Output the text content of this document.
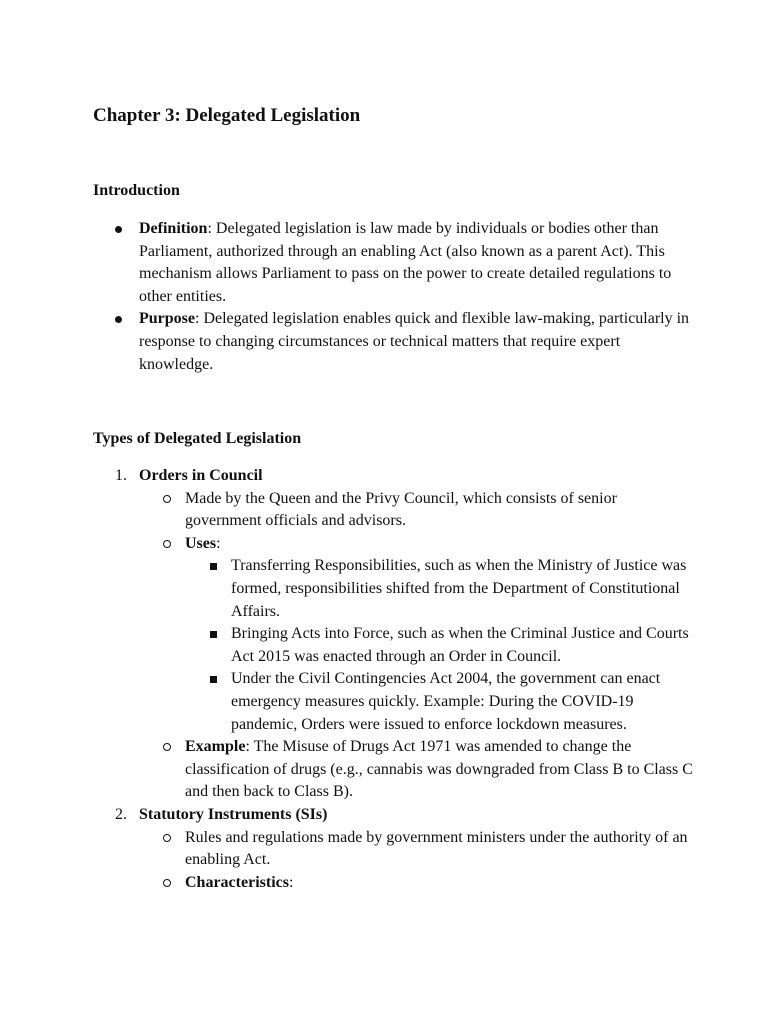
Chapter 3: Delegated Legislation
Introduction
Definition: Delegated legislation is law made by individuals or bodies other than Parliament, authorized through an enabling Act (also known as a parent Act). This mechanism allows Parliament to pass on the power to create detailed regulations to other entities.
Purpose: Delegated legislation enables quick and flexible law-making, particularly in response to changing circumstances or technical matters that require expert knowledge.
Types of Delegated Legislation
1. Orders in Council
Made by the Queen and the Privy Council, which consists of senior government officials and advisors.
Uses:
Transferring Responsibilities, such as when the Ministry of Justice was formed, responsibilities shifted from the Department of Constitutional Affairs.
Bringing Acts into Force, such as when the Criminal Justice and Courts Act 2015 was enacted through an Order in Council.
Under the Civil Contingencies Act 2004, the government can enact emergency measures quickly. Example: During the COVID-19 pandemic, Orders were issued to enforce lockdown measures.
Example: The Misuse of Drugs Act 1971 was amended to change the classification of drugs (e.g., cannabis was downgraded from Class B to Class C and then back to Class B).
2. Statutory Instruments (SIs)
Rules and regulations made by government ministers under the authority of an enabling Act.
Characteristics:
